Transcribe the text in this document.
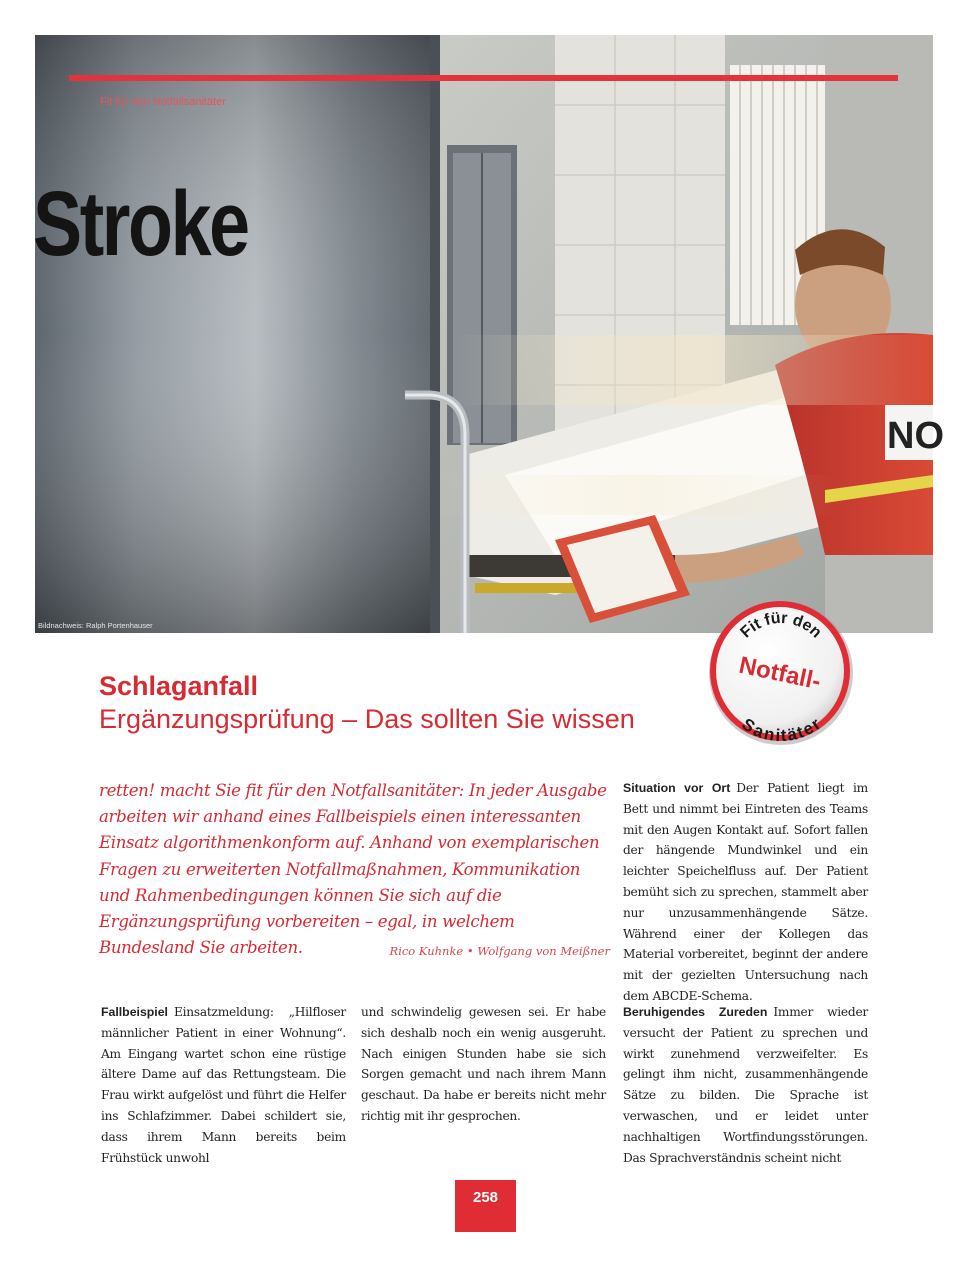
NO
Stroke
Fit für den Notfallsanitäter
Bildnachweis: Ralph Portenhauser	Fit für den
Notfall-
Sanitäter
Schlaganfall
Ergänzungsprüfung – Das sollten Sie wissen

retten! macht Sie fit für den Notfallsanitäter: In jeder Ausgabe arbeiten wir anhand eines Fallbeispiels einen interessanten Einsatz algorithmenkonform auf. Anhand von exemplarischen Fragen zu erweiterten Notfallmaßnahmen, Kommunikation und Rahmenbedingungen können Sie sich auf die Ergänzungsprüfung vorbereiten – egal, in welchem Bundesland Sie arbeiten.	Rico Kuhnke • Wolfgang von Meißner

Situation vor Ort Der Patient liegt im Bett und nimmt bei Eintreten des Teams mit den Augen Kontakt auf. Sofort fallen der hängende Mundwinkel und ein leichter Speichelfluss auf. Der Patient bemüht sich zu sprechen, stammelt aber nur unzusammenhängende Sätze. Während einer der Kollegen das Material vorbereitet, beginnt der andere mit der gezielten Untersuchung nach dem ABCDE-Schema.

Fallbeispiel Einsatzmeldung: „Hilfloser männlicher Patient in einer Wohnung“. Am Eingang wartet schon eine rüstige ältere Dame auf das Rettungsteam. Die Frau wirkt aufgelöst und führt die Helfer ins Schlafzimmer. Dabei schildert sie, dass ihrem Mann bereits beim Frühstück unwohl

und schwindelig gewesen sei. Er habe sich deshalb noch ein wenig ausgeruht. Nach einigen Stunden habe sie sich Sorgen gemacht und nach ihrem Mann geschaut. Da habe er bereits nicht mehr richtig mit ihr gesprochen.

Beruhigendes Zureden Immer wieder versucht der Patient zu sprechen und wirkt zunehmend verzweifelter. Es gelingt ihm nicht, zusammenhängende Sätze zu bilden. Die Sprache ist verwaschen, und er leidet unter nachhaltigen Wortfindungsstörungen. Das Sprachverständnis scheint nicht

258
